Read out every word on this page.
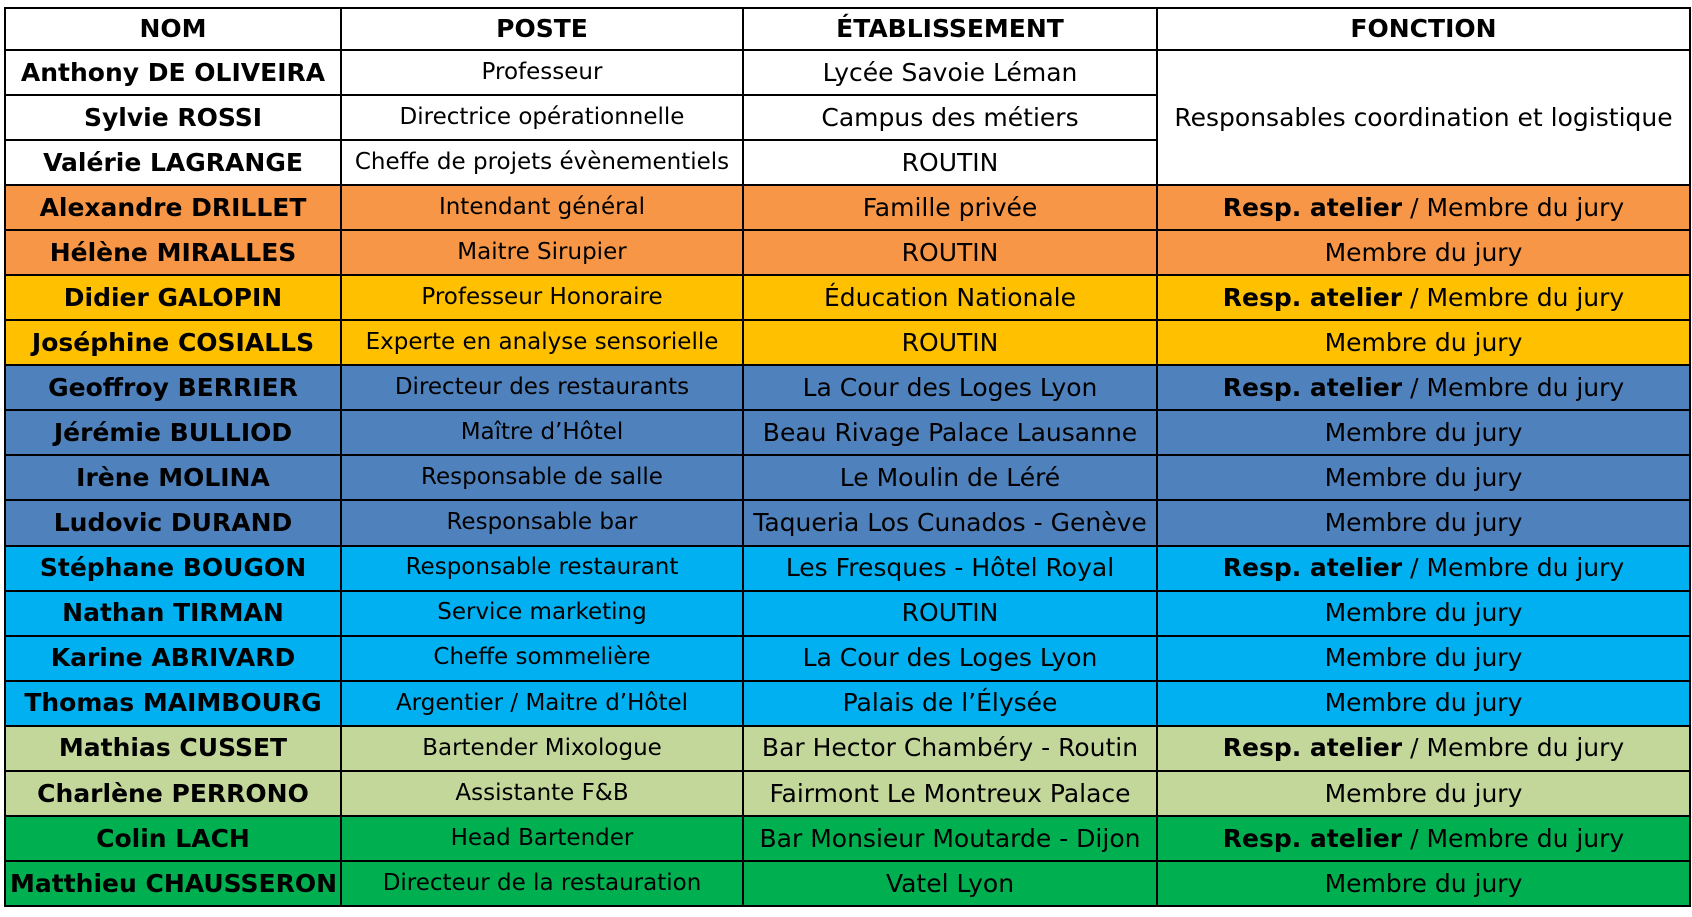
NOM	POSTE	ÉTABLISSEMENT	FONCTION
Anthony DE OLIVEIRA	Professeur	Lycée Savoie Léman	Responsables coordination et logistique
Sylvie ROSSI	Directrice opérationnelle	Campus des métiers	
Valérie LAGRANGE	Cheffe de projets évènementiels	ROUTIN	
Alexandre DRILLET	Intendant général	Famille privée	Resp. atelier / Membre du jury
Hélène MIRALLES	Maitre Sirupier	ROUTIN	Membre du jury
Didier GALOPIN	Professeur Honoraire	Éducation Nationale	Resp. atelier / Membre du jury
Joséphine COSIALLS	Experte en analyse sensorielle	ROUTIN	Membre du jury
Geoffroy BERRIER	Directeur des restaurants	La Cour des Loges Lyon	Resp. atelier / Membre du jury
Jérémie BULLIOD	Maître d’Hôtel	Beau Rivage Palace Lausanne	Membre du jury
Irène MOLINA	Responsable de salle	Le Moulin de Léré	Membre du jury
Ludovic DURAND	Responsable bar	Taqueria Los Cunados - Genève	Membre du jury
Stéphane BOUGON	Responsable restaurant	Les Fresques - Hôtel Royal	Resp. atelier / Membre du jury
Nathan TIRMAN	Service marketing	ROUTIN	Membre du jury
Karine ABRIVARD	Cheffe sommelière	La Cour des Loges Lyon	Membre du jury
Thomas MAIMBOURG	Argentier / Maitre d’Hôtel	Palais de l’Élysée	Membre du jury
Mathias CUSSET	Bartender Mixologue	Bar Hector Chambéry - Routin	Resp. atelier / Membre du jury
Charlène PERRONO	Assistante F&B	Fairmont Le Montreux Palace	Membre du jury
Colin LACH	Head Bartender	Bar Monsieur Moutarde - Dijon	Resp. atelier / Membre du jury
Matthieu CHAUSSERON	Directeur de la restauration	Vatel Lyon	Membre du jury
